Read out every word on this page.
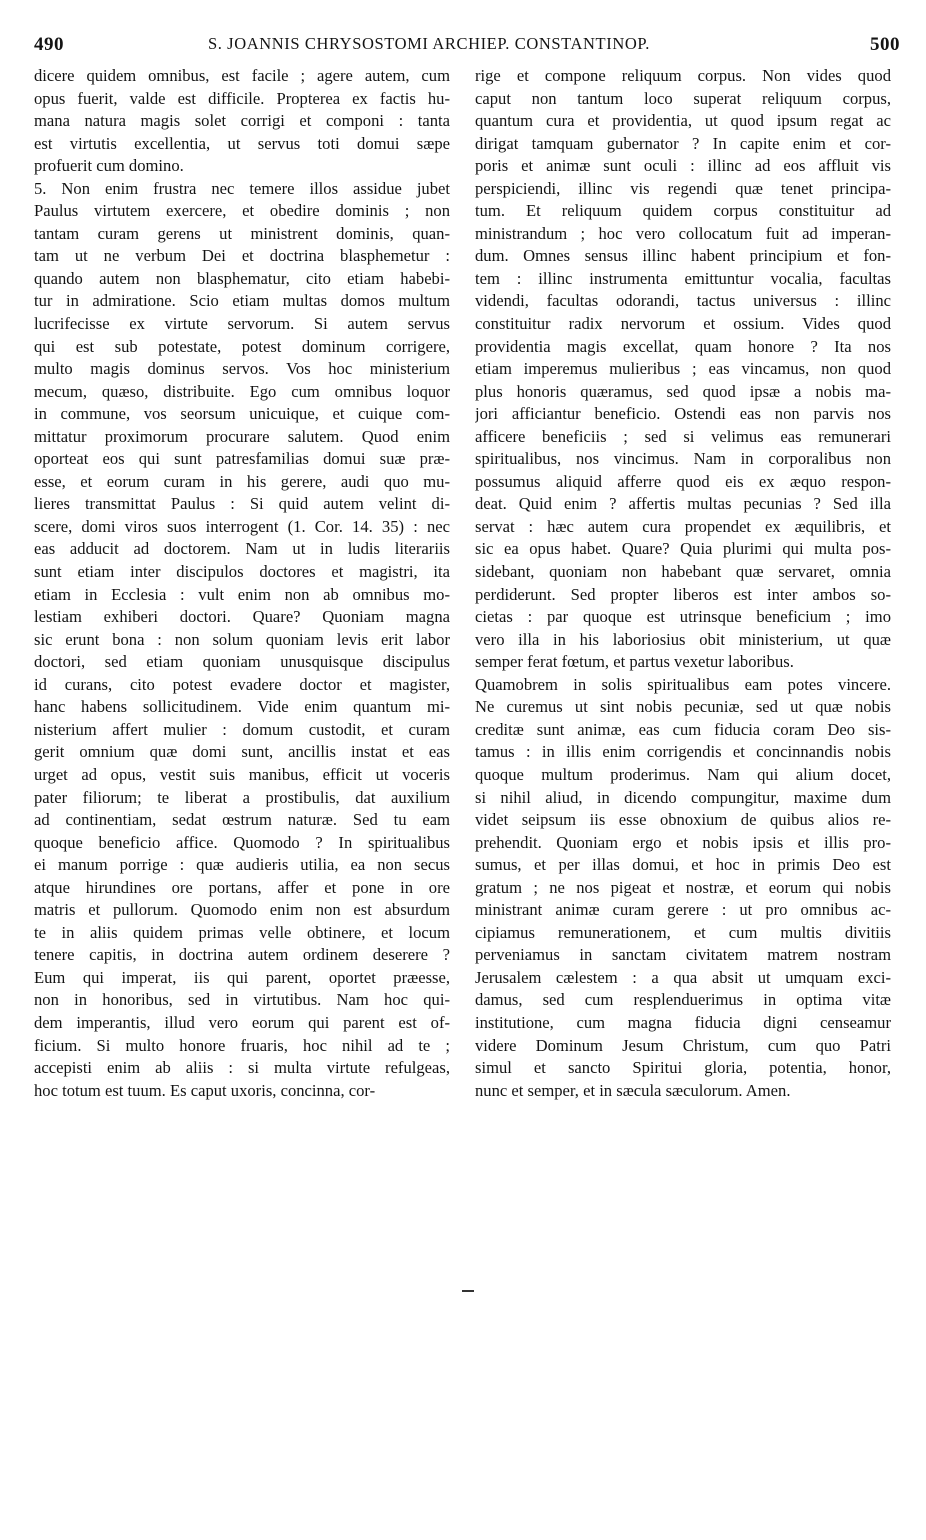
490	S. JOANNIS CHRYSOSTOMI ARCHIEP. CONSTANTINOP.	500
dicere quidem omnibus, est facile ; agere autem, cum
opus fuerit, valde est difficile. Propterea ex factis hu-
mana natura magis solet corrigi et componi : tanta
est virtutis excellentia, ut servus toti domui sæpe
profuerit cum domino.
5. Non enim frustra nec temere illos assidue jubet
Paulus virtutem exercere, et obedire dominis ; non
tantam curam gerens ut ministrent dominis, quan-
tam ut ne verbum Dei et doctrina blasphemetur :
quando autem non blasphematur, cito etiam habebi-
tur in admiratione. Scio etiam multas domos multum
lucrifecisse ex virtute servorum. Si autem servus
qui est sub potestate, potest dominum corrigere,
multo magis dominus servos. Vos hoc ministerium
mecum, quæso, distribuite. Ego cum omnibus loquor
in commune, vos seorsum unicuique, et cuique com-
mittatur proximorum procurare salutem. Quod enim
oporteat eos qui sunt patresfamilias domui suæ præ-
esse, et eorum curam in his gerere, audi quo mu-
lieres transmittat Paulus : Si quid autem velint di-
scere, domi viros suos interrogent (1. Cor. 14. 35) : nec
eas adducit ad doctorem. Nam ut in ludis literariis
sunt etiam inter discipulos doctores et magistri, ita
etiam in Ecclesia : vult enim non ab omnibus mo-
lestiam exhiberi doctori. Quare? Quoniam magna
sic erunt bona : non solum quoniam levis erit labor
doctori, sed etiam quoniam unusquisque discipulus
id curans, cito potest evadere doctor et magister,
hanc habens sollicitudinem. Vide enim quantum mi-
nisterium affert mulier : domum custodit, et curam
gerit omnium quæ domi sunt, ancillis instat et eas
urget ad opus, vestit suis manibus, efficit ut voceris
pater filiorum; te liberat a prostibulis, dat auxilium
ad continentiam, sedat œstrum naturæ. Sed tu eam
quoque beneficio affice. Quomodo ? In spiritualibus
ei manum porrige : quæ audieris utilia, ea non secus
atque hirundines ore portans, affer et pone in ore
matris et pullorum. Quomodo enim non est absurdum
te in aliis quidem primas velle obtinere, et locum
tenere capitis, in doctrina autem ordinem deserere ?
Eum qui imperat, iis qui parent, oportet præesse,
non in honoribus, sed in virtutibus. Nam hoc qui-
dem imperantis, illud vero eorum qui parent est of-
ficium. Si multo honore fruaris, hoc nihil ad te ;
accepisti enim ab aliis : si multa virtute refulgeas,
hoc totum est tuum. Es caput uxoris, concinna, cor-
rige et compone reliquum corpus. Non vides quod
caput non tantum loco superat reliquum corpus,
quantum cura et providentia, ut quod ipsum regat ac
dirigat tamquam gubernator ? In capite enim et cor-
poris et animæ sunt oculi : illinc ad eos affluit vis
perspiciendi, illinc vis regendi quæ tenet principa-
tum. Et reliquum quidem corpus constituitur ad
ministrandum ; hoc vero collocatum fuit ad imperan-
dum. Omnes sensus illinc habent principium et fon-
tem : illinc instrumenta emittuntur vocalia, facultas
videndi, facultas odorandi, tactus universus : illinc
constituitur radix nervorum et ossium. Vides quod
providentia magis excellat, quam honore ? Ita nos
etiam imperemus mulieribus ; eas vincamus, non quod
plus honoris quæramus, sed quod ipsæ a nobis ma-
jori afficiantur beneficio. Ostendi eas non parvis nos
afficere beneficiis ; sed si velimus eas remunerari
spiritualibus, nos vincimus. Nam in corporalibus non
possumus aliquid afferre quod eis ex æquo respon-
deat. Quid enim ? affertis multas pecunias ? Sed illa
servat : hæc autem cura propendet ex æquilibris, et
sic ea opus habet. Quare? Quia plurimi qui multa pos-
sidebant, quoniam non habebant quæ servaret, omnia
perdiderunt. Sed propter liberos est inter ambos so-
cietas : par quoque est utrinsque beneficium ; imo
vero illa in his laboriosius obit ministerium, ut quæ
semper ferat fœtum, et partus vexetur laboribus.
Quamobrem in solis spiritualibus eam potes vincere.
Ne curemus ut sint nobis pecuniæ, sed ut quæ nobis
creditæ sunt animæ, eas cum fiducia coram Deo sis-
tamus : in illis enim corrigendis et concinnandis nobis
quoque multum proderimus. Nam qui alium docet,
si nihil aliud, in dicendo compungitur, maxime dum
videt seipsum iis esse obnoxium de quibus alios re-
prehendit. Quoniam ergo et nobis ipsis et illis pro-
sumus, et per illas domui, et hoc in primis Deo est
gratum ; ne nos pigeat et nostræ, et eorum qui nobis
ministrant animæ curam gerere : ut pro omnibus ac-
cipiamus remunerationem, et cum multis divitiis
perveniamus in sanctam civitatem matrem nostram
Jerusalem cælestem : a qua absit ut umquam exci-
damus, sed cum resplenduerimus in optima vitæ
institutione, cum magna fiducia digni censeamur
videre Dominum Jesum Christum, cum quo Patri
simul et sancto Spiritui gloria, potentia, honor,
nunc et semper, et in sæcula sæculorum. Amen.
